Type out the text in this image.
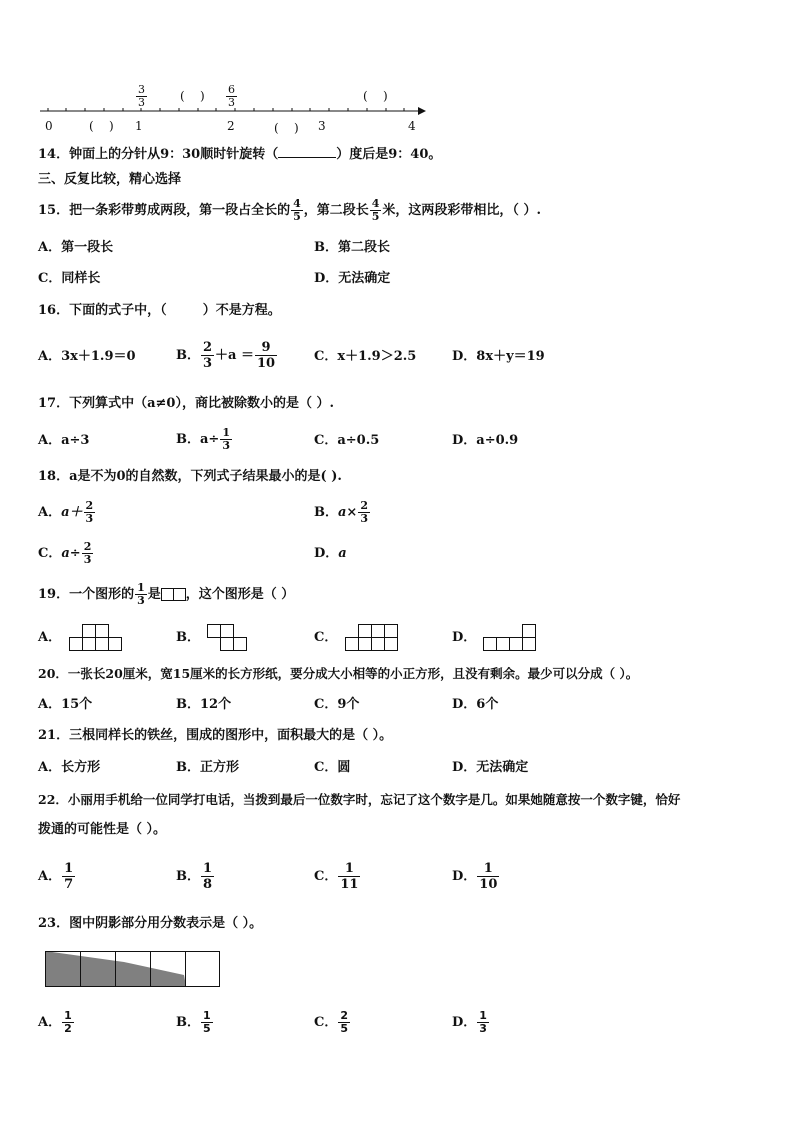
0	1	2	3	4
(    )	(    )
(    )	(    )
$\frac{3}{3}$	$\frac{6}{3}$
14．钟面上的分针从9：30顺时针旋转（	）度后是9：40。
三、反复比较，精心选择
15．把一条彩带剪成两段，第一段占全长的 $\frac{4}{5}$ ，第二段长 $\frac{4}{5}$ 米，这两段彩带相比，（ ）.
A．第一段长	B．第二段长
C．同样长	D．无法确定
16．下面的式子中，（        ）不是方程。
A．3x＋1.9＝0	B． $\frac{2}{3} +a = \frac{9}{10}$	C．x＋1.9＞2.5	D．8x＋y＝19
17．下列算式中（a≠0），商比被除数小的是（ ）.
A．a÷3	B．$a\div \frac{1}{3}$	C．a÷0.5	D．a÷0.9
18．a是不为0的自然数，下列式子结果最小的是( ).
A．$a+ \frac{2}{3}$	B．$a\times \frac{2}{3}$
C．$a\div \frac{2}{3}$	D．a
19．一个图形的 $\frac{1}{3}$ 是 ，这个图形是（ ）
A．	B．	C．	D．
20．一张长20厘米，宽15厘米的长方形纸，要分成大小相等的小正方形，且没有剩余。最少可以分成（ ）。
A．15个	B．12个	C．9个	D．6个
21．三根同样长的铁丝，围成的图形中，面积最大的是（ ）。
A．长方形	B．正方形	C．圆	D．无法确定
22．小丽用手机给一位同学打电话，当拨到最后一位数字时，忘记了这个数字是几。如果她随意按一个数字键，恰好
拨通的可能性是（ ）。
A． $\frac{1}{7}$	B． $\frac{1}{8}$	C． $\frac{1}{11}$	D． $\frac{1}{10}$
23．图中阴影部分用分数表示是（ ）。
A． $\frac{1}{2}$	B． $\frac{1}{5}$	C． $\frac{2}{5}$	D． $\frac{1}{3}$
